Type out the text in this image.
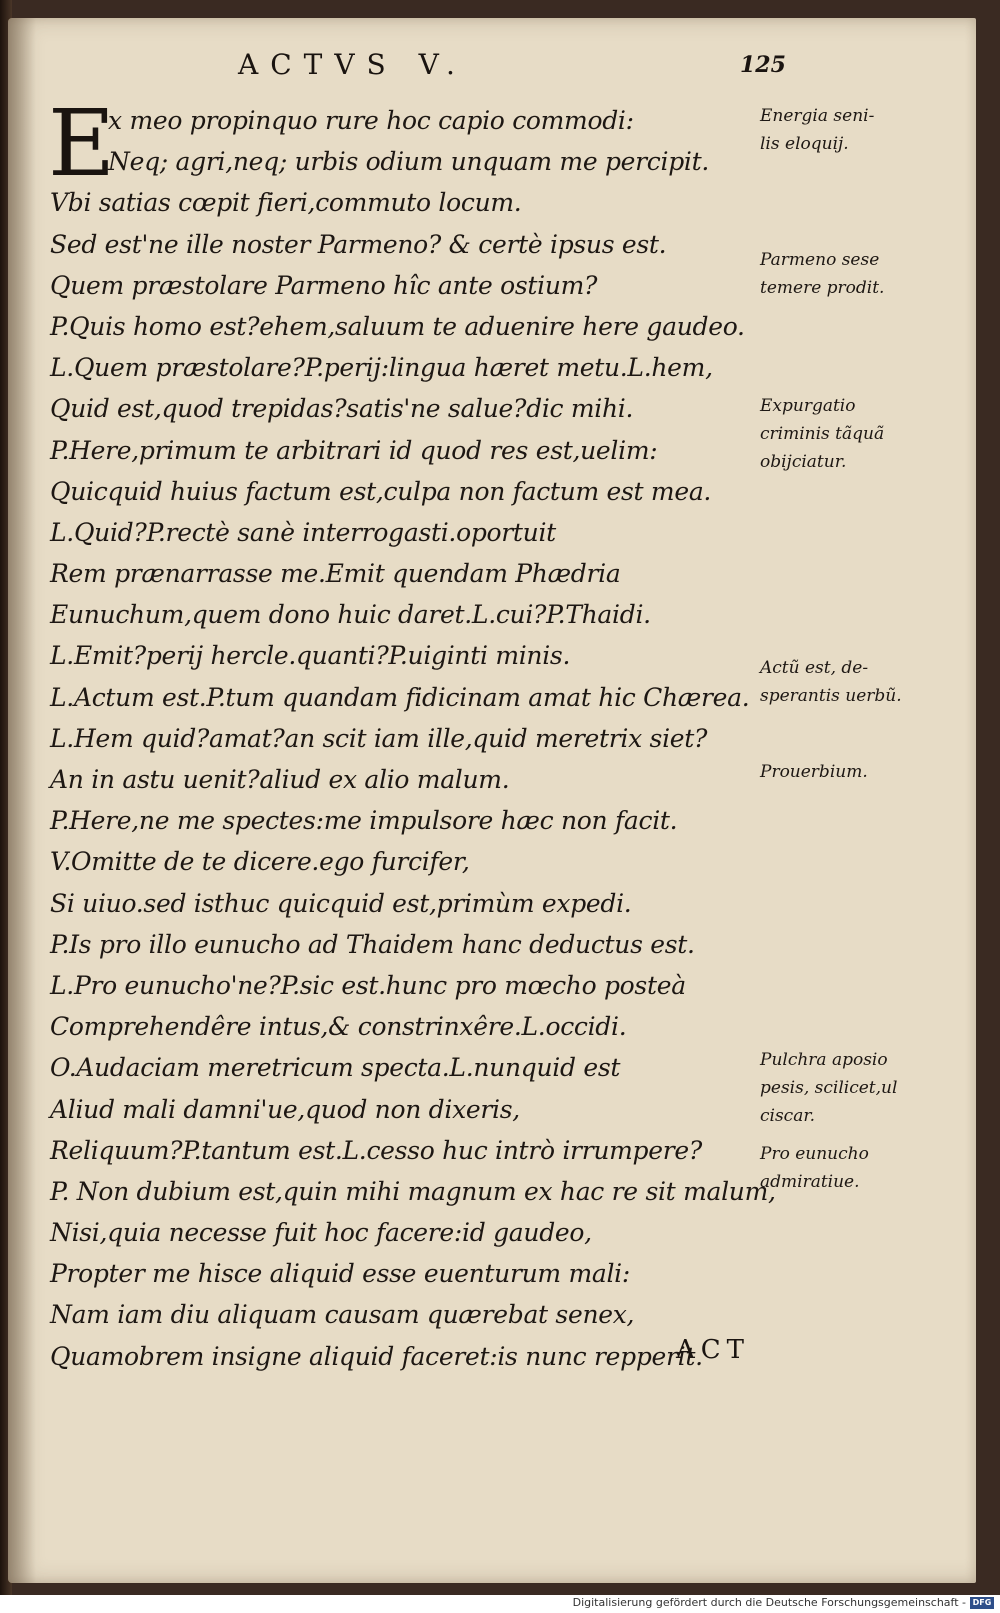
ACTVS V.	125
E
x meo propinquo rure hoc capio commodi:
Neq; agri,neq; urbis odium unquam me percipit.
Vbi satias cœpit fieri,commuto locum.
Sed est'ne ille noster Parmeno? & certè ipsus est.
Quem præstolare Parmeno hîc ante ostium?
P.Quis homo est?ehem,saluum te aduenire here gaudeo.
L.Quem præstolare?P.perij:lingua hæret metu.L.hem,
Quid est,quod trepidas?satis'ne salue?dic mihi.
P.Here,primum te arbitrari id quod res est,uelim:
Quicquid huius factum est,culpa non factum est mea.
L.Quid?P.rectè sanè interrogasti.oportuit
Rem prænarrasse me.Emit quendam Phædria
Eunuchum,quem dono huic daret.L.cui?P.Thaidi.
L.Emit?perij hercle.quanti?P.uiginti minis.
L.Actum est.P.tum quandam fidicinam amat hic Chærea.
L.Hem quid?amat?an scit iam ille,quid meretrix siet?
An in astu uenit?aliud ex alio malum.
P.Here,ne me spectes:me impulsore hæc non facit.
V.Omitte de te dicere.ego furcifer,
Si uiuo.sed isthuc quicquid est,primùm expedi.
P.Is pro illo eunucho ad Thaidem hanc deductus est.
L.Pro eunucho'ne?P.sic est.hunc pro mœcho posteà
Comprehendêre intus,& constrinxêre.L.occidi.
O.Audaciam meretricum specta.L.nunquid est
Aliud mali damni'ue,quod non dixeris,
Reliquum?P.tantum est.L.cesso huc intrò irrumpere?
P. Non dubium est,quin mihi magnum ex hac re sit malum,
Nisi,quia necesse fuit hoc facere:id gaudeo,
Propter me hisce aliquid esse euenturum mali:
Nam iam diu aliquam causam quærebat senex,
Quamobrem insigne aliquid faceret:is nunc repperit.
Energia seni-
lis eloquij.
Parmeno sese
temere prodit.
Expurgatio
criminis tãquã
obijciatur.
Actũ est, de-
sperantis uerbũ.
Prouerbium.
Pulchra aposio
pesis, scilicet,ul
ciscar.
Pro eunucho
admiratiue.
ACT
Digitalisierung gefördert durch die Deutsche Forschungsgemeinschaft - DFG
